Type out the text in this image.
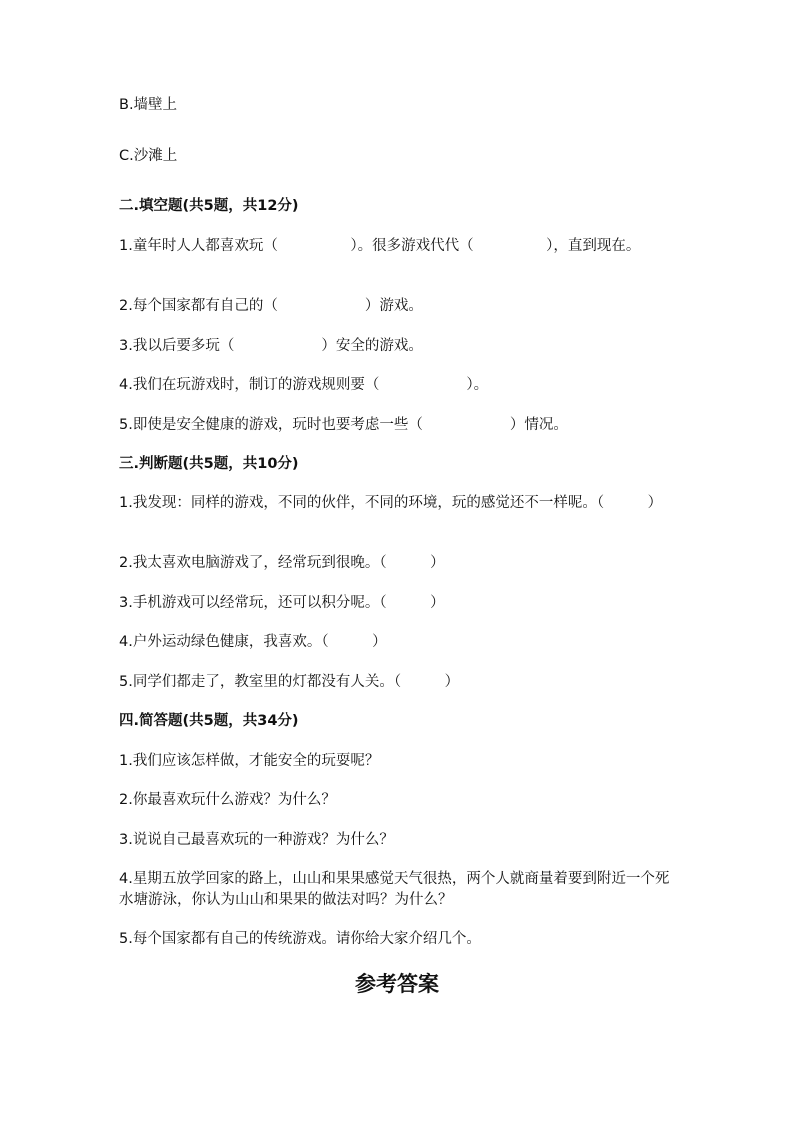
B.墙壁上
C.沙滩上
二.填空题(共5题，共12分)
1.童年时人人都喜欢玩（　　　　　）。很多游戏代代（　　　　　），直到现在。
2.每个国家都有自己的（　　　　　　）游戏。
3.我以后要多玩（　　　　　　）安全的游戏。
4.我们在玩游戏时，制订的游戏规则要（　　　　　　）。
5.即使是安全健康的游戏，玩时也要考虑一些（　　　　　　）情况。
三.判断题(共5题，共10分)
1.我发现：同样的游戏，不同的伙伴，不同的环境，玩的感觉还不一样呢。（　　　）
2.我太喜欢电脑游戏了，经常玩到很晚。（　　　）
3.手机游戏可以经常玩，还可以积分呢。（　　　）
4.户外运动绿色健康，我喜欢。（　　　）
5.同学们都走了，教室里的灯都没有人关。（　　　）
四.简答题(共5题，共34分)
1.我们应该怎样做，才能安全的玩耍呢？
2.你最喜欢玩什么游戏？为什么？
3.说说自己最喜欢玩的一种游戏？为什么？
4.星期五放学回家的路上，山山和果果感觉天气很热，两个人就商量着要到附近一个死水塘游泳，你认为山山和果果的做法对吗？为什么？
5.每个国家都有自己的传统游戏。请你给大家介绍几个。
参考答案
